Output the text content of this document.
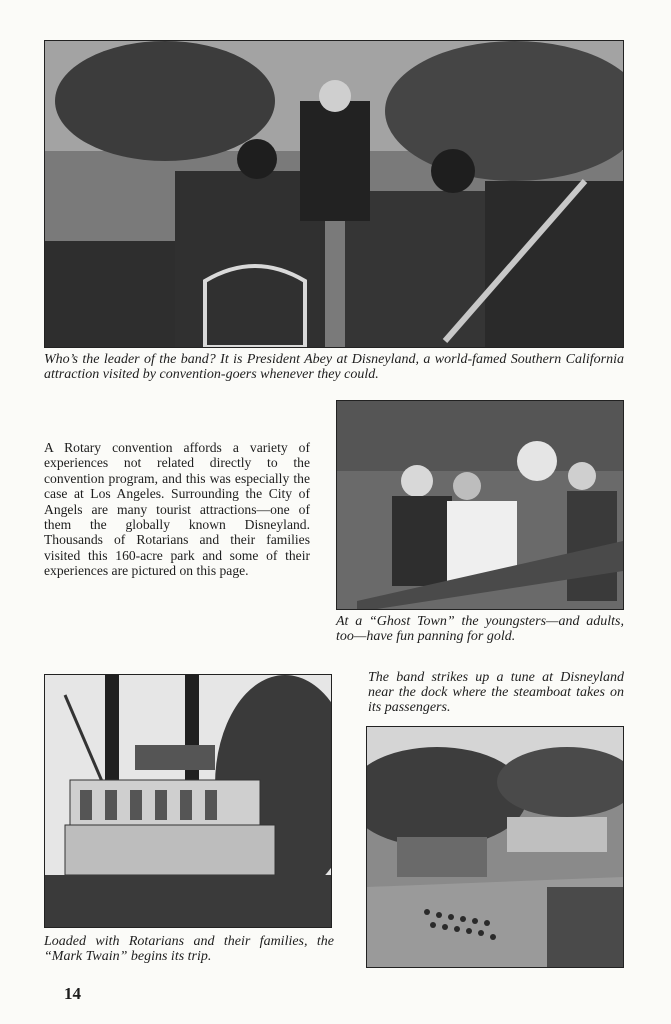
Who’s the leader of the band? It is President Abey at Disneyland, a world-famed Southern California attraction visited by convention-goers whenever they could.
A Rotary convention affords a variety of experiences not related directly to the convention program, and this was especially the case at Los Angeles. Surrounding the City of Angels are many tourist attractions—one of them the globally known Disneyland. Thousands of Rotarians and their families visited this 160-acre park and some of their experiences are pictured on this page.
At a “Ghost Town” the youngsters—and adults, too—have fun panning for gold.
Loaded with Rotarians and their families, the “Mark Twain” begins its trip.
The band strikes up a tune at Disneyland near the dock where the steamboat takes on its passengers.
14
